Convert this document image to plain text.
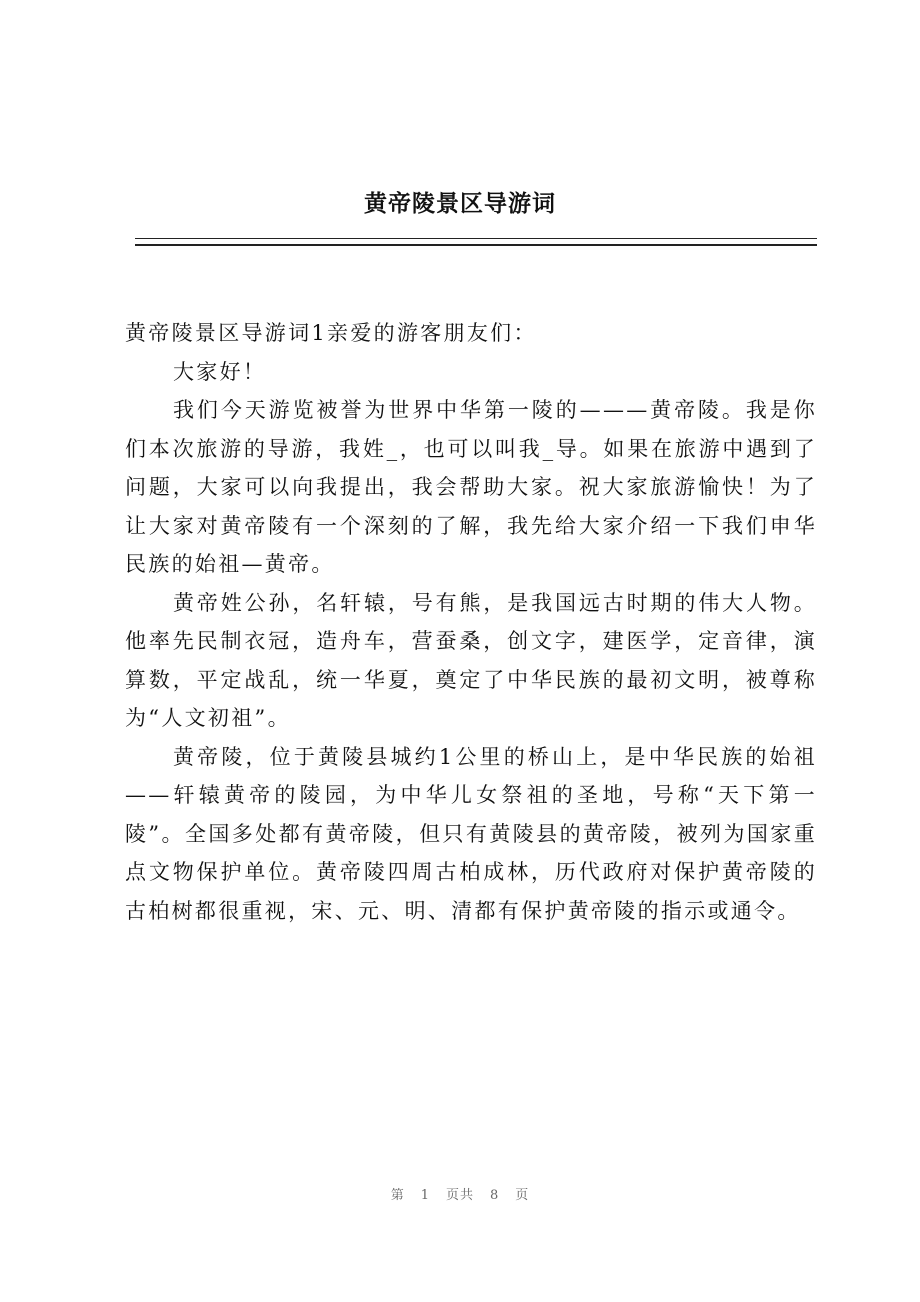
黄帝陵景区导游词

黄帝陵景区导游词1亲爱的游客朋友们：

大家好！

我们今天游览被誉为世界中华第一陵的———黄帝陵。我是你们本次旅游的导游，我姓_，也可以叫我_导。如果在旅游中遇到了问题，大家可以向我提出，我会帮助大家。祝大家旅游愉快！为了让大家对黄帝陵有一个深刻的了解，我先给大家介绍一下我们申华民族的始祖—黄帝。

黄帝姓公孙，名轩辕，号有熊，是我国远古时期的伟大人物。他率先民制衣冠，造舟车，营蚕桑，创文字，建医学，定音律，演算数，平定战乱，统一华夏，奠定了中华民族的最初文明，被尊称为“人文初祖”。

黄帝陵，位于黄陵县城约1公里的桥山上，是中华民族的始祖——轩辕黄帝的陵园，为中华儿女祭祖的圣地，号称“天下第一陵”。全国多处都有黄帝陵，但只有黄陵县的黄帝陵，被列为国家重点文物保护单位。黄帝陵四周古柏成林，历代政府对保护黄帝陵的古柏树都很重视，宋、元、明、清都有保护黄帝陵的指示或通令。

第 1 页共 8 页
